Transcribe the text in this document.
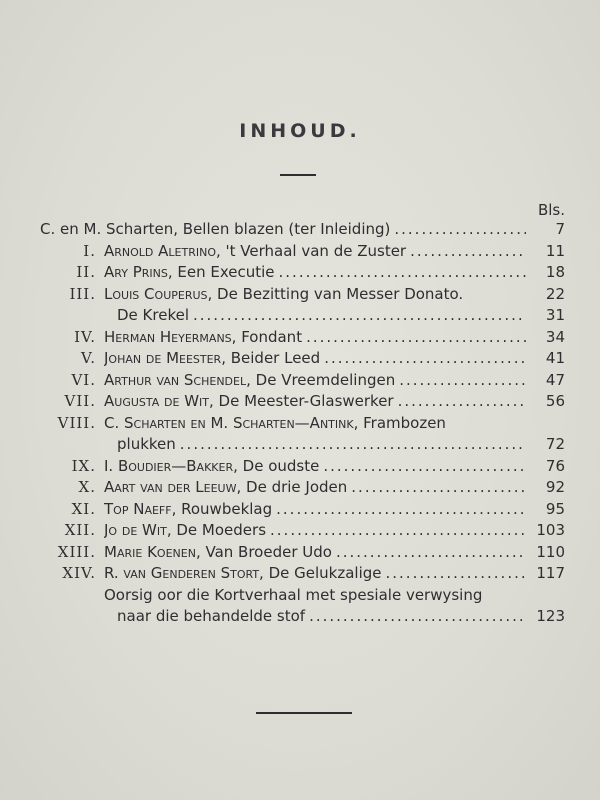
INHOUD.
Bls.
C. en M. Scharten, Bellen blazen (ter Inleiding) .....	7
I. Arnold Aletrino, 't Verhaal van de Zuster .....	11
II. Ary Prins, Een Executie .....	18
III. Louis Couperus, De Bezitting van Messer Donato.	22
De Krekel .....	31
IV. Herman Heyermans, Fondant .....	34
V. Johan de Meester, Beider Leed .....	41
VI. Arthur van Schendel, De Vreemdelingen .....	47
VII. Augusta de Wit, De Meester-Glaswerker .....	56
VIII. C. Scharten en M. Scharten—Antink, Frambozen
plukken .....	72
IX. I. Boudier—Bakker, De oudste .....	76
X. Aart van der Leeuw, De drie Joden .....	92
XI. Top Naeff, Rouwbeklag .....	95
XII. Jo de Wit, De Moeders .....	103
XIII. Marie Koenen, Van Broeder Udo .....	110
XIV. R. van Genderen Stort, De Gelukzalige .....	117
Oorsig oor die Kortverhaal met spesiale verwysing
naar die behandelde stof .....	123
